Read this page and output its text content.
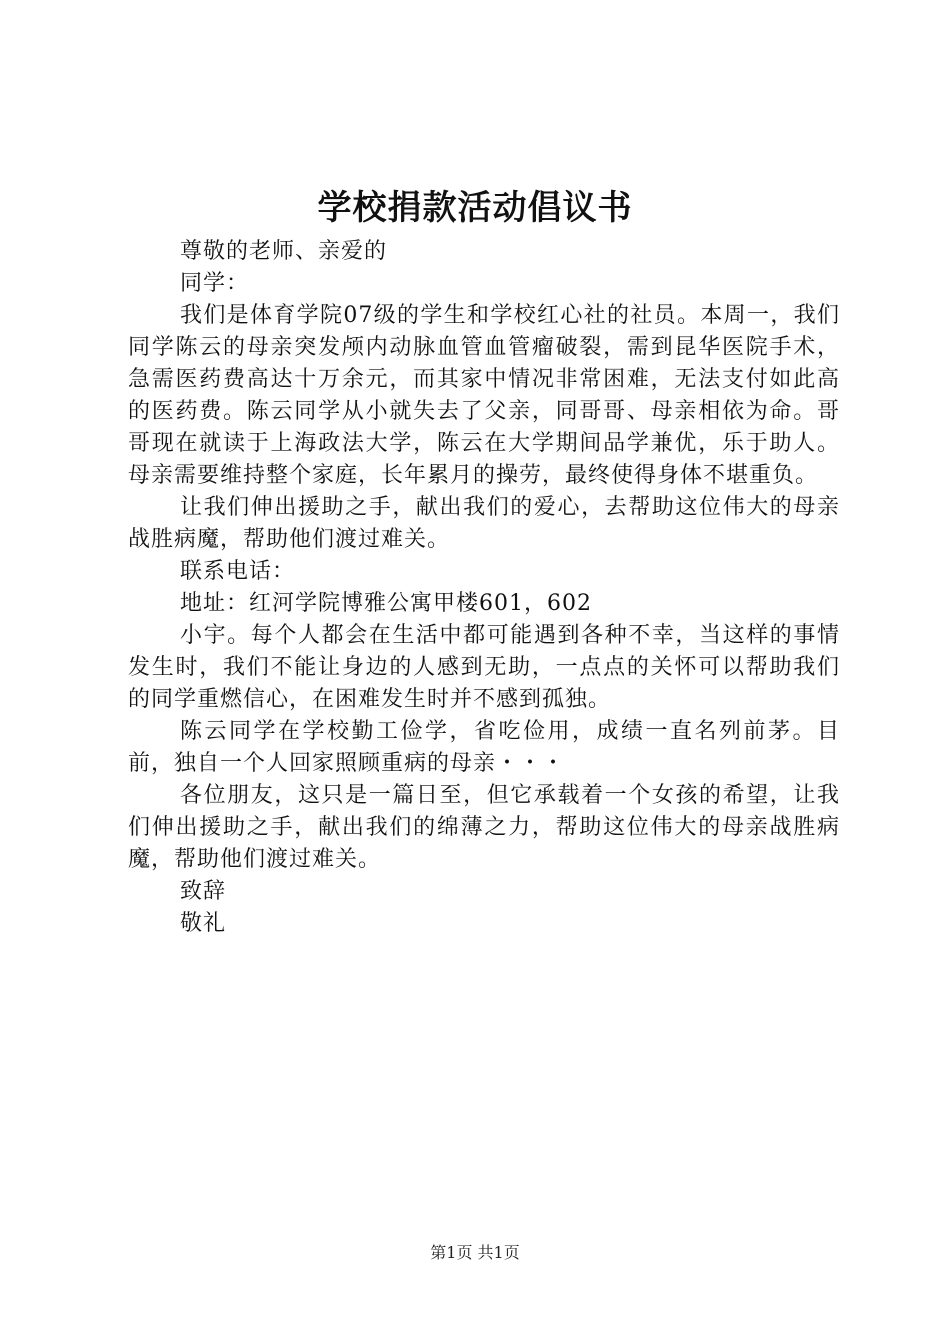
学校捐款活动倡议书

尊敬的老师、亲爱的

同学：

我们是体育学院07级的学生和学校红心社的社员。本周一，我们同学陈云的母亲突发颅内动脉血管血管瘤破裂，需到昆华医院手术，急需医药费高达十万余元，而其家中情况非常困难，无法支付如此高的医药费。陈云同学从小就失去了父亲，同哥哥、母亲相依为命。哥哥现在就读于上海政法大学，陈云在大学期间品学兼优，乐于助人。母亲需要维持整个家庭，长年累月的操劳，最终使得身体不堪重负。

让我们伸出援助之手，献出我们的爱心，去帮助这位伟大的母亲战胜病魔，帮助他们渡过难关。

联系电话：

地址：红河学院博雅公寓甲楼601，602

小宇。每个人都会在生活中都可能遇到各种不幸，当这样的事情发生时，我们不能让身边的人感到无助，一点点的关怀可以帮助我们的同学重燃信心，在困难发生时并不感到孤独。

陈云同学在学校勤工俭学，省吃俭用，成绩一直名列前茅。目前，独自一个人回家照顾重病的母亲・・・

各位朋友，这只是一篇日至，但它承载着一个女孩的希望，让我们伸出援助之手，献出我们的绵薄之力，帮助这位伟大的母亲战胜病魔，帮助他们渡过难关。

致辞

敬礼

第1页 共1页
